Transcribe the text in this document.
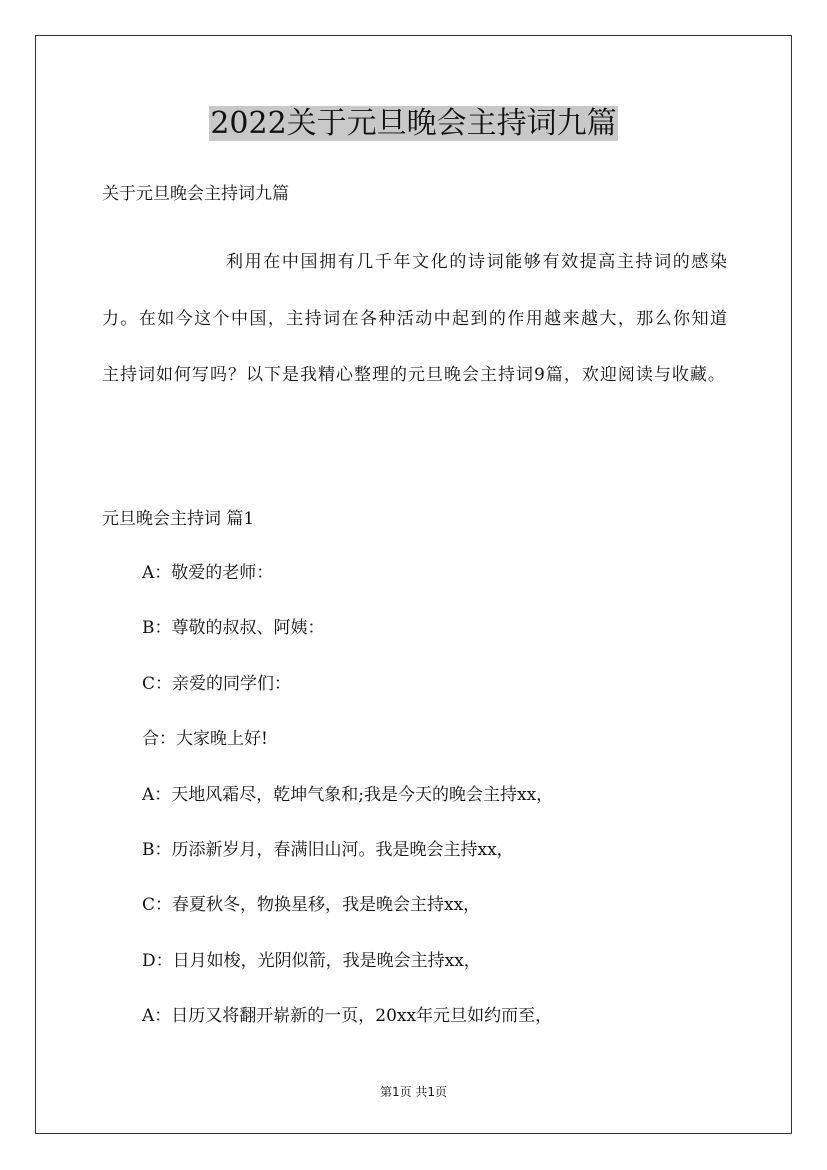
2022关于元旦晚会主持词九篇

关于元旦晚会主持词九篇

利用在中国拥有几千年文化的诗词能够有效提高主持词的感染力。在如今这个中国，主持词在各种活动中起到的作用越来越大，那么你知道主持词如何写吗？以下是我精心整理的元旦晚会主持词9篇，欢迎阅读与收藏。

元旦晚会主持词 篇1

A：敬爱的老师：
B：尊敬的叔叔、阿姨：
C：亲爱的同学们：
合：大家晚上好!
A：天地风霜尽，乾坤气象和;我是今天的晚会主持xx，
B：历添新岁月，春满旧山河。我是晚会主持xx，
C：春夏秋冬，物换星移，我是晚会主持xx，
D：日月如梭，光阴似箭，我是晚会主持xx，
A：日历又将翻开崭新的一页，20xx年元旦如约而至，
第1页 共1页
